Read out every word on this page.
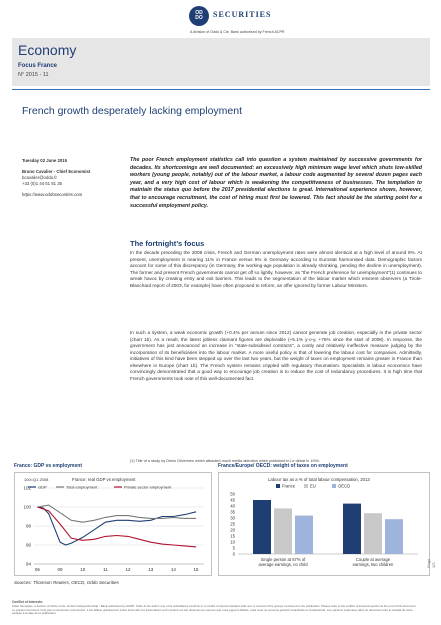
OD
DO	SECURITIES
A division of Oddo & Cie, Bank authorised by French ACPR
Economy
Focus France
N° 2015 - 11
French growth desperately lacking employment
Tuesday 02 June 2015
Bruno Cavalier - Chief Economist
bcavalier@oddo.fr
+33 (0)1 44 51 81 35
https://www.oddosecurities.com
The poor French employment statistics call into question a system maintained by successive governments for decades. Its shortcomings are well documented: an excessively high minimum wage level which shuts low-skilled workers (young people, notably) out of the labour market, a labour code augmented by several dozen pages each year, and a very high cost of labour which is weakening the competitiveness of businesses. The temptation to maintain the status quo before the 2017 presidential elections is great. International experience shows, however, that to encourage recruitment, the cost of hiring must first be lowered. This fact should be the starting point for a successful employment policy.
The fortnight’s focus
In the decade preceding the 2008 crisis, French and German unemployment rates were almost identical at a high level of around 8%. At present, unemployment is nearing 11% in France versus 5% in Germany according to Eurostat harmonised data. Demographic factors account for some of this discrepancy (in Germany, the working-age population is already shrinking, pending the decline in unemployment). The former and present French governments cannot get off so lightly, however, as "the French preference for unemployment"(1) continues to wreak havoc by creating entry and exit barriers. This leads to the segmentation of the labour market which eminent observers (a Tirole-Blanchard report of 2003, for example) have often proposed to reform, an offer ignored by former Labour Ministers.
In such a system, a weak economic growth (+0.4% per annum since 2012) cannot generate job creation, especially in the private sector (chart 1b). As a result, the latest jobless claimant figures are deplorable (+5.1% y-o-y, +76% since the start of 2008). In response, the government has just announced an increase in "state-subsidised contracts", a costly and relatively ineffective measure judging by the incorporation of its beneficiaries into the labour market. A more useful policy is that of lowering the labour cost for companies. Admittedly, initiatives of this kind have been stepped up over the last two years, but the weight of taxes on employment remains greater in France than elsewhere in Europe (chart 1b). The French system remains crippled with regulatory rheumatism. Specialists in labour economics have convincingly demonstrated that a good way to encourage job creation is to reduce the cost of redundancy procedures. It is high time that French governments took note of this well-documented fact.
(1) Title of a study by Denis Olivennes which attracted much media attention when published in Le débat in 1994.
France: GDP vs employment	France/Europe/ OECD: weight of taxes on employment
94
96
98
100
102
06	09	10	11	12	13	14	15
100=Q1 2008	France: real GDP vs employment
GDP	Total employment	Private sector employment
Labour tax as a % of total labour compensation, 2013
France	EU	OECD
0
5
10
15
20
25
30
35
40
45
50
Single person at 67% of average earnings, no child
Couple at average earnings, two children
Sources: Thomson Reuters, OECD, Oddo Securities
Conflict of interests:
Oddo Securities, a division of Oddo et Cie, limited sharepartnership - Bank authorised by ACPR. Oddo & Cie and/or one of its subsidiaries could be in a conflict of interest situation with one or several of the groups mentioned in the publication. Please refer to the conflict of interests section at the end of this document. Le présent document n'est pas un document commercial : il est diffusé gratuitement à titre informatif, les informations qu'il contient ont été obtenues de sources que nous jugeons fiables, mais nous ne pouvons garantir l'exactitude et l'exhaustivité. Les opinions exprimées dans ce document sont le résultat de notre analyse à la date de la publication.
Page 1/5
